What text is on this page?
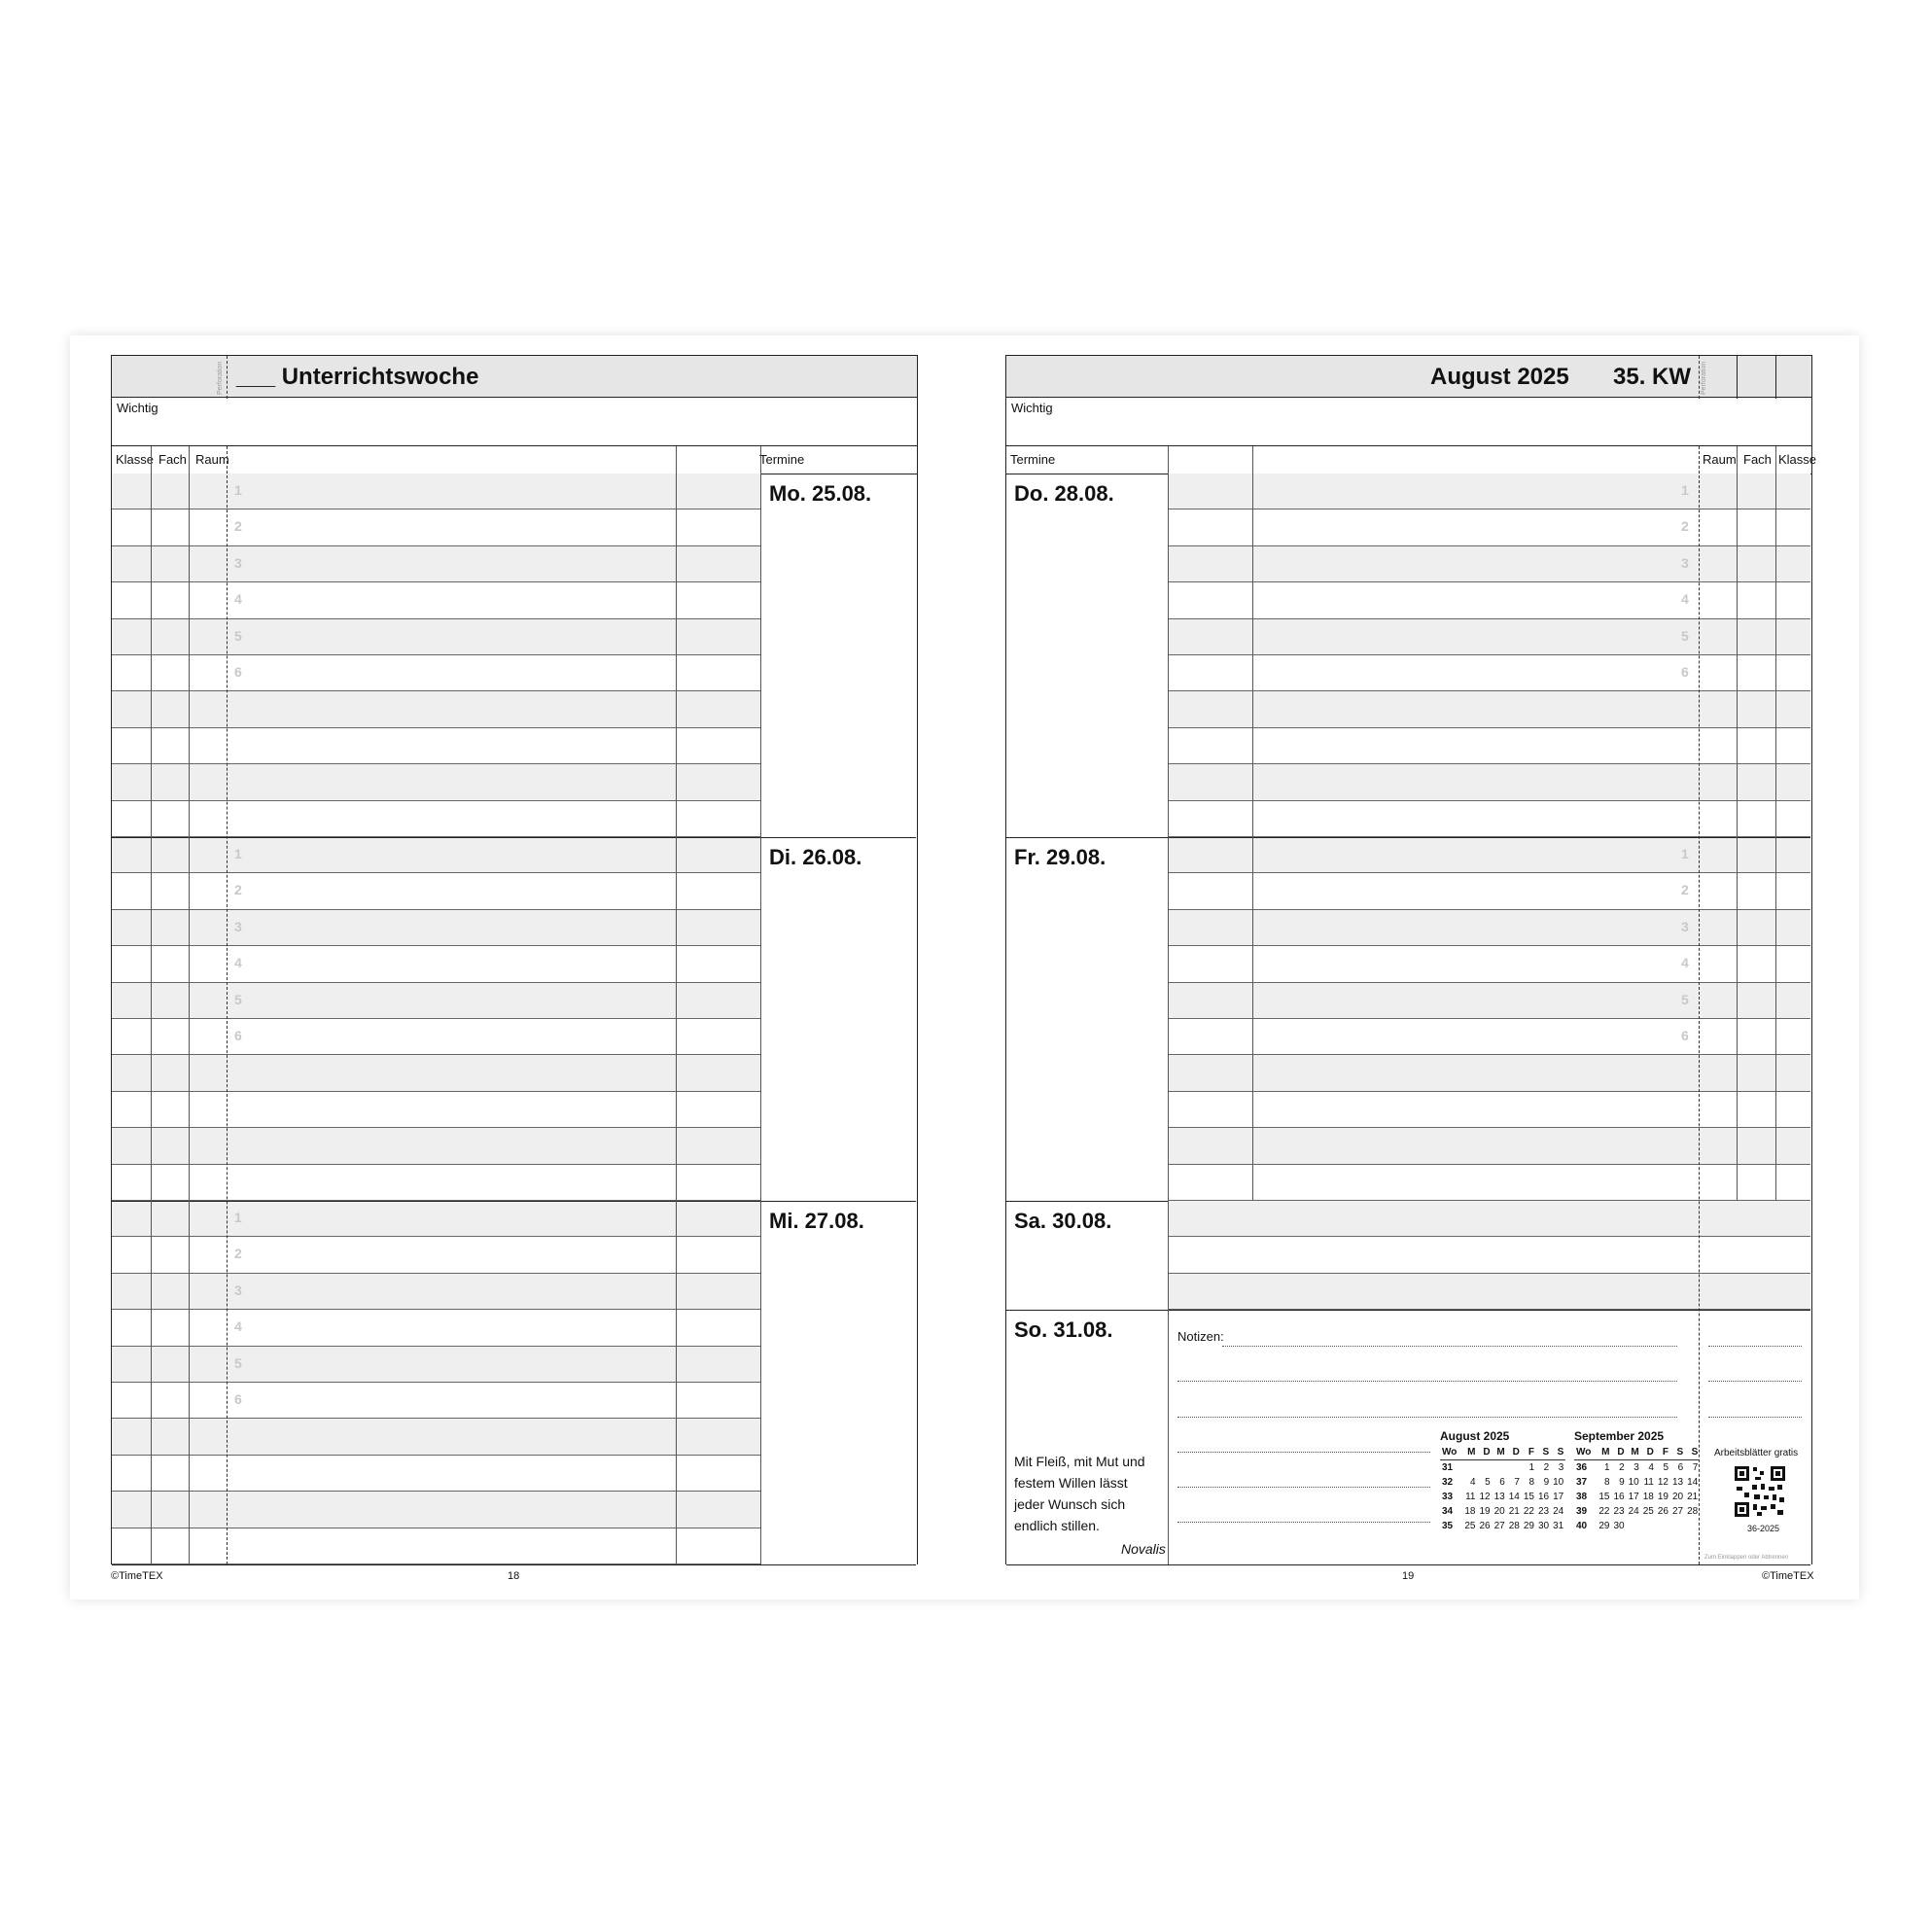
Perforation ___ Unterrichtswoche
Wichtig
Klasse Fach Raum	Termine
1
2
3
4
5
6
Mo. 25.08.
1
2
3
4
5
6
Di. 26.08.
1
2
3
4
5
6
Mi. 27.08.
August 2025 35. KW Perforation
Wichtig
Termine	Raum Fach Klasse
So. 31.08.
Mit Fleiß, mit Mut und festem Willen lässt jeder Wunsch sich endlich stillen.
Novalis
Notizen:
August 2025
Wo	M	D	M	D	F	S	S
31					1	2	3
32	4	5	6	7	8	9	10
33	11	12	13	14	15	16	17
34	18	19	20	21	22	23	24
35	25	26	27	28	29	30	31
September 2025
Wo	M	D	M	D	F	S	S
36	1	2	3	4	5	6	7
37	8	9	10	11	12	13	14
38	15	16	17	18	19	20	21
39	22	23	24	25	26	27	28
40	29	30					
Arbeitsblätter gratis
36-2025
Zum Einklappen oder Abtrennen
1
2
3
4
5
6
Do. 28.08.
1
2
3
4
5
6
Fr. 29.08.
Sa. 30.08.
©TimeTEX	18	19	©TimeTEX
